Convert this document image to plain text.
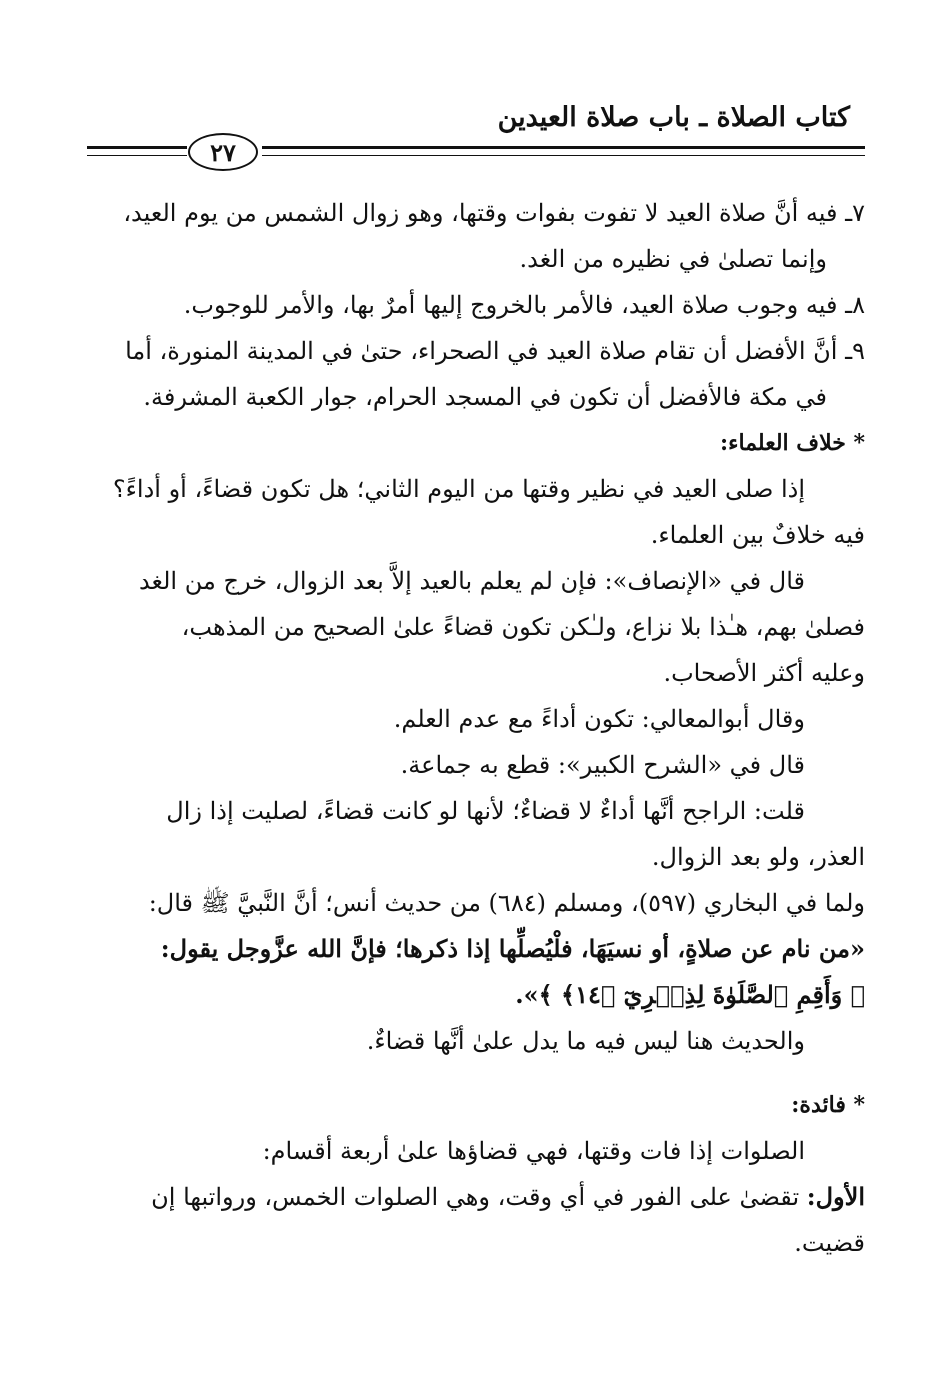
كتاب الصلاة ـ باب صلاة العيدين
٢٧
٧ـ فيه أنَّ صلاة العيد لا تفوت بفوات وقتها، وهو زوال الشمس من يوم العيد،
وإنما تصلىٰ في نظيره من الغد.
٨ـ فيه وجوب صلاة العيد، فالأمر بالخروج إليها أمرٌ بها، والأمر للوجوب.
٩ـ أنَّ الأفضل أن تقام صلاة العيد في الصحراء، حتىٰ في المدينة المنورة، أما
في مكة فالأفضل أن تكون في المسجد الحرام، جوار الكعبة المشرفة.
* خلاف العلماء:
إذا صلى العيد في نظير وقتها من اليوم الثاني؛ هل تكون قضاءً، أو أداءً؟
فيه خلافٌ بين العلماء.
قال في «الإنصاف»: فإن لم يعلم بالعيد إلاَّ بعد الزوال، خرج من الغد
فصلىٰ بهم، هـٰذا بلا نزاع، ولـٰكن تكون قضاءً علىٰ الصحيح من المذهب،
وعليه أكثر الأصحاب.
وقال أبوالمعالي: تكون أداءً مع عدم العلم.
قال في «الشرح الكبير»: قطع به جماعة.
قلت: الراجح أنَّها أداءٌ لا قضاءٌ؛ لأنها لو كانت قضاءً، لصليت إذا زال
العذر، ولو بعد الزوال.
ولما في البخاري (٥٩٧)، ومسلم (٦٨٤) من حديث أنس؛ أنَّ النَّبيَّ ﷺ قال:
«من نام عن صلاةٍ، أو نسيَهَا، فلْيُصلِّها إذا ذكرها؛ فإنَّ الله عزَّوجل يقول:
﴿ وَأَقِمِ ٱلصَّلَوٰةَ لِذِكۡرِيٓ ﴿١٤﴾ ﴾».
والحديث هنا ليس فيه ما يدل علىٰ أنَّها قضاءٌ.
* فائدة:
الصلوات إذا فات وقتها، فهي قضاؤها علىٰ أربعة أقسام:
الأول: تقضىٰ على الفور في أي وقت، وهي الصلوات الخمس، ورواتبها إن
قضيت.
